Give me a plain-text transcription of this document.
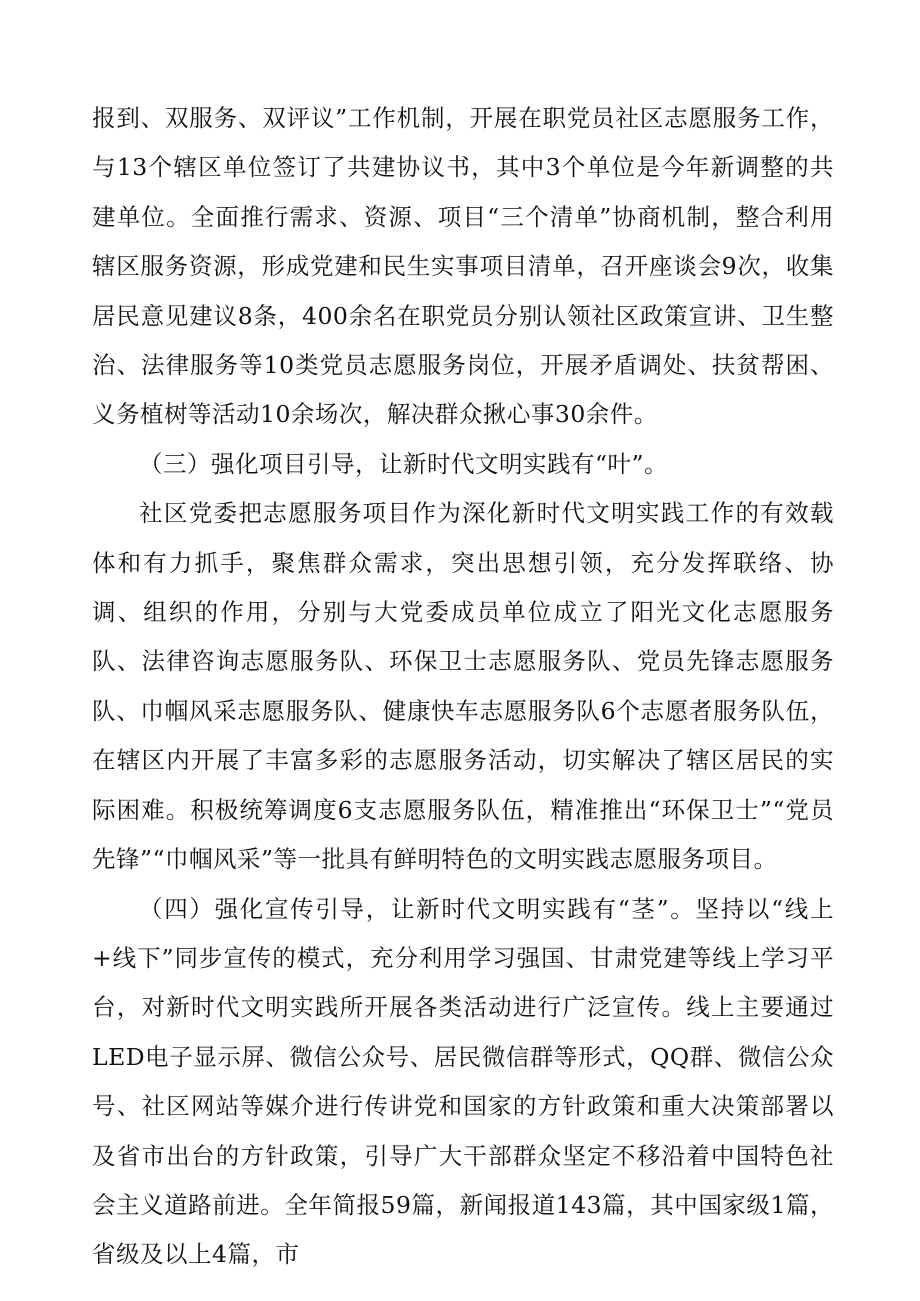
报到、双服务、双评议”工作机制，开展在职党员社区志愿服务工作，与13个辖区单位签订了共建协议书，其中3个单位是今年新调整的共建单位。全面推行需求、资源、项目“三个清单”协商机制，整合利用辖区服务资源，形成党建和民生实事项目清单，召开座谈会9次，收集居民意见建议8条，400余名在职党员分别认领社区政策宣讲、卫生整治、法律服务等10类党员志愿服务岗位，开展矛盾调处、扶贫帮困、义务植树等活动10余场次，解决群众揪心事30余件。

（三）强化项目引导，让新时代文明实践有“叶”。

社区党委把志愿服务项目作为深化新时代文明实践工作的有效载体和有力抓手，聚焦群众需求，突出思想引领，充分发挥联络、协调、组织的作用，分别与大党委成员单位成立了阳光文化志愿服务队、法律咨询志愿服务队、环保卫士志愿服务队、党员先锋志愿服务队、巾帼风采志愿服务队、健康快车志愿服务队6个志愿者服务队伍，在辖区内开展了丰富多彩的志愿服务活动，切实解决了辖区居民的实际困难。积极统筹调度6支志愿服务队伍，精准推出“环保卫士”“党员先锋”“巾帼风采”等一批具有鲜明特色的文明实践志愿服务项目。

（四）强化宣传引导，让新时代文明实践有“茎”。坚持以“线上+线下”同步宣传的模式，充分利用学习强国、甘肃党建等线上学习平台，对新时代文明实践所开展各类活动进行广泛宣传。线上主要通过LED电子显示屏、微信公众号、居民微信群等形式，QQ群、微信公众号、社区网站等媒介进行传讲党和国家的方针政策和重大决策部署以及省市出台的方针政策，引导广大干部群众坚定不移沿着中国特色社会主义道路前进。全年简报59篇，新闻报道143篇，其中国家级1篇，省级及以上4篇，市
